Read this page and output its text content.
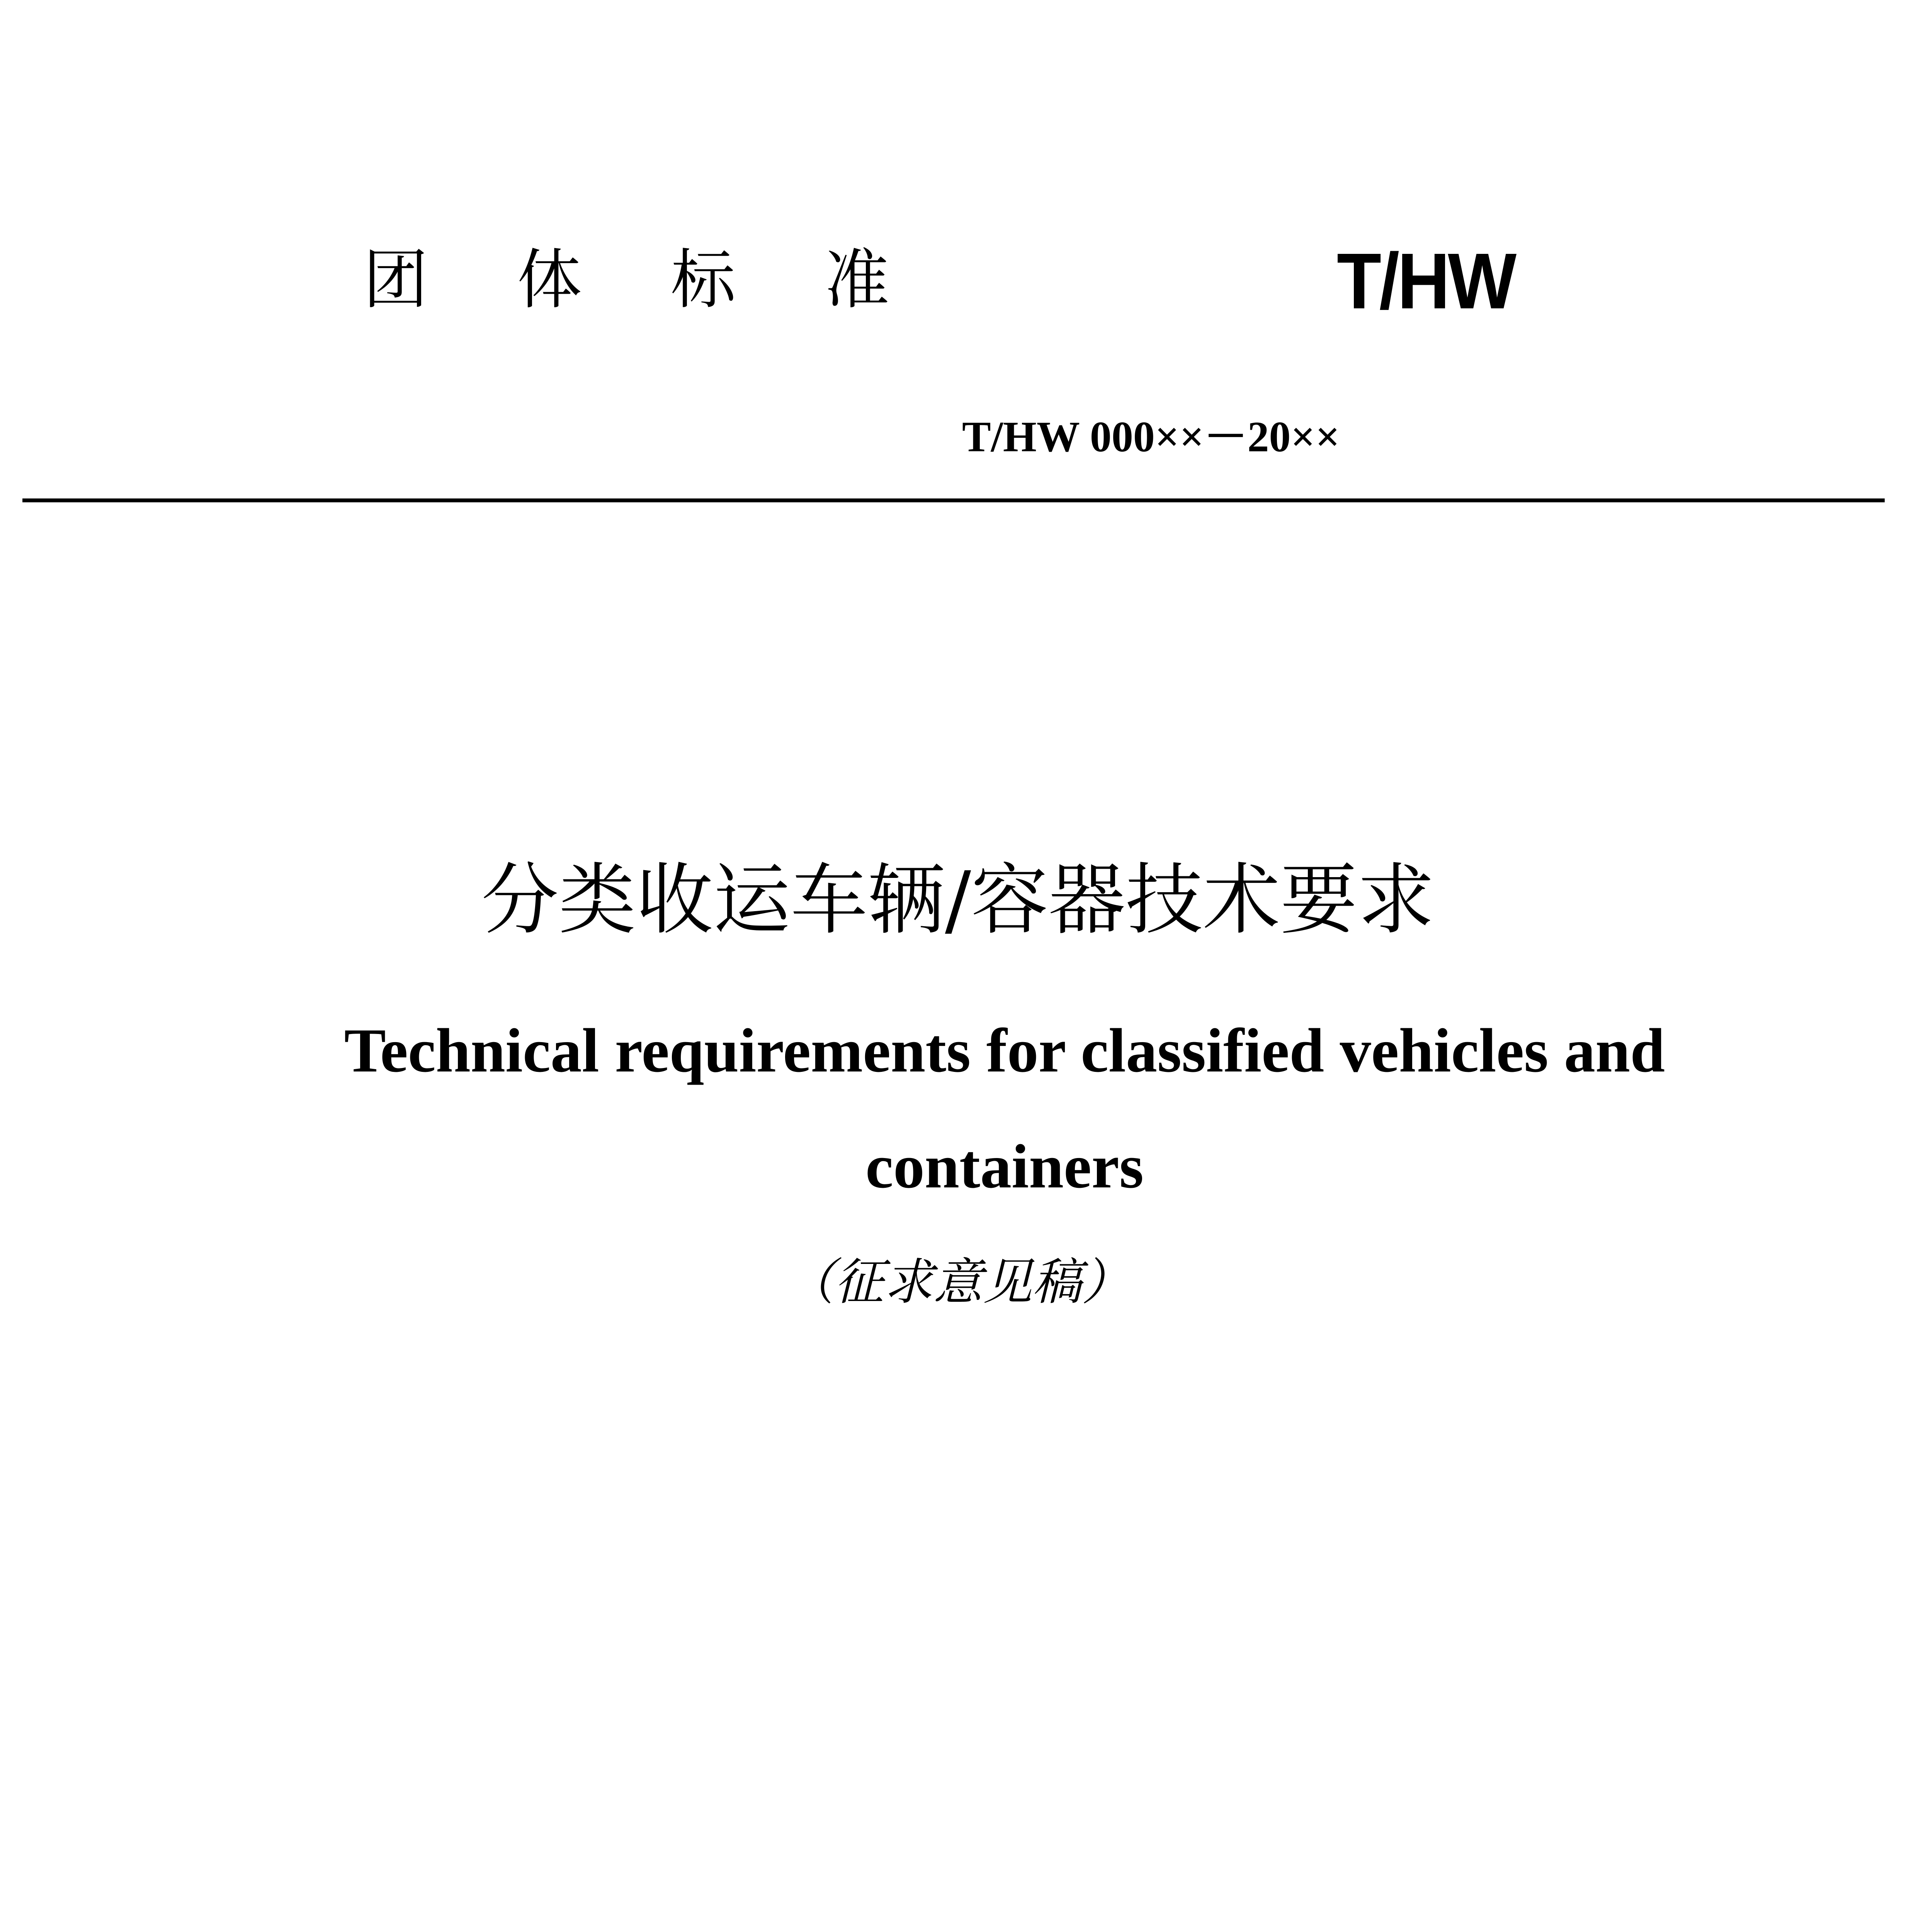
团体标准	T/HW
T/HW 000××－20××
分类收运车辆/容器技术要求
Technical requirements for classified vehicles and containers
（征求意见稿）
